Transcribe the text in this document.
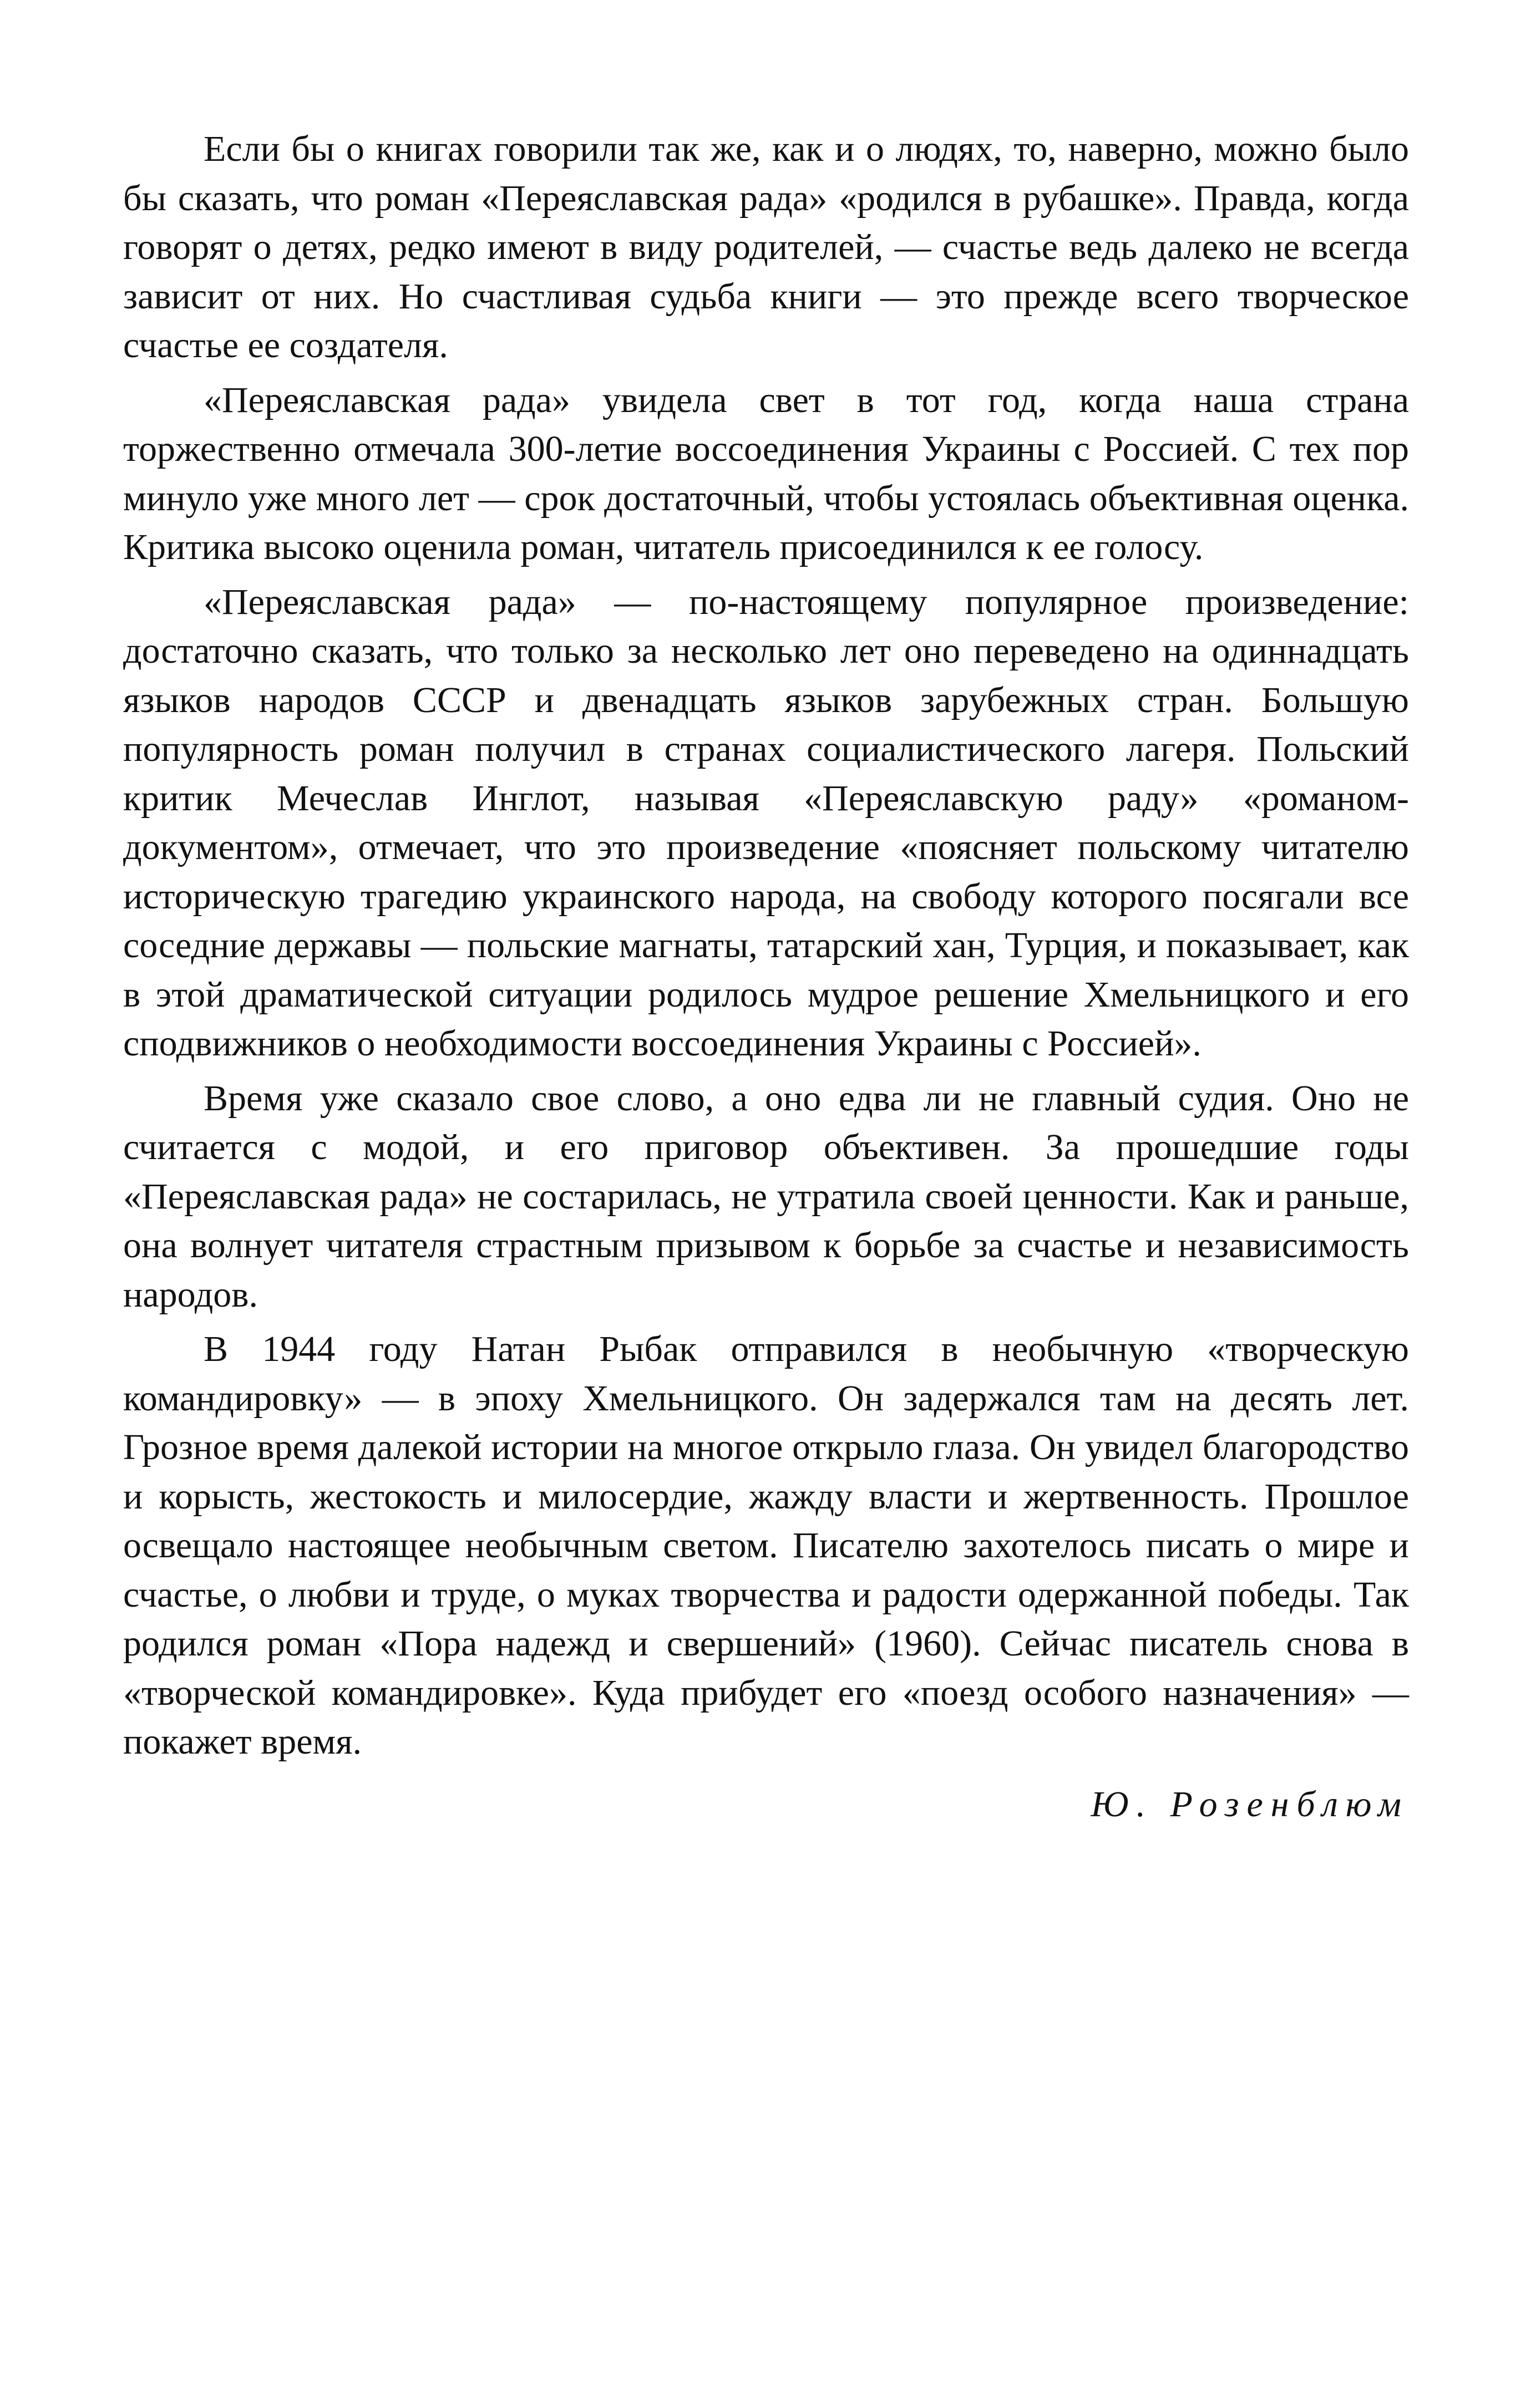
Если бы о книгах говорили так же, как и о людях, то, наверно, можно было бы сказать, что роман «Переяславская рада» «родился в рубашке». Правда, когда говорят о детях, редко имеют в виду родителей, — счастье ведь далеко не всегда зависит от них. Но счастливая судьба книги — это прежде всего творческое счастье ее создателя.

«Переяславская рада» увидела свет в тот год, когда наша страна торжественно отмечала 300-летие воссоединения Украины с Россией. С тех пор минуло уже много лет — срок достаточный, чтобы устоялась объективная оценка. Критика высоко оценила роман, читатель присоединился к ее голосу.

«Переяславская рада» — по-настоящему популярное произведение: достаточно сказать, что только за несколько лет оно переведено на одиннадцать языков народов СССР и двенадцать языков зарубежных стран. Большую популярность роман получил в странах социалистического лагеря. Польский критик Мечеслав Инглот, называя «Переяславскую раду» «романом-документом», отмечает, что это произведение «поясняет польскому читателю историческую трагедию украинского народа, на свободу которого посягали все соседние державы — польские магнаты, татарский хан, Турция, и показывает, как в этой драматической ситуации родилось мудрое решение Хмельницкого и его сподвижников о необходимости воссоединения Украины с Россией».

Время уже сказало свое слово, а оно едва ли не главный судия. Оно не считается с модой, и его приговор объективен. За прошедшие годы «Переяславская рада» не состарилась, не утратила своей ценности. Как и раньше, она волнует читателя страстным призывом к борьбе за счастье и независимость народов.

В 1944 году Натан Рыбак отправился в необычную «творческую командировку» — в эпоху Хмельницкого. Он задержался там на десять лет. Грозное время далекой истории на многое открыло глаза. Он увидел благородство и корысть, жестокость и милосердие, жажду власти и жертвенность. Прошлое освещало настоящее необычным светом. Писателю захотелось писать о мире и счастье, о любви и труде, о муках творчества и радости одержанной победы. Так родился роман «Пора надежд и свершений» (1960). Сейчас писатель снова в «творческой командировке». Куда прибудет его «поезд особого назначения» — покажет время.

Ю. Розенблюм
